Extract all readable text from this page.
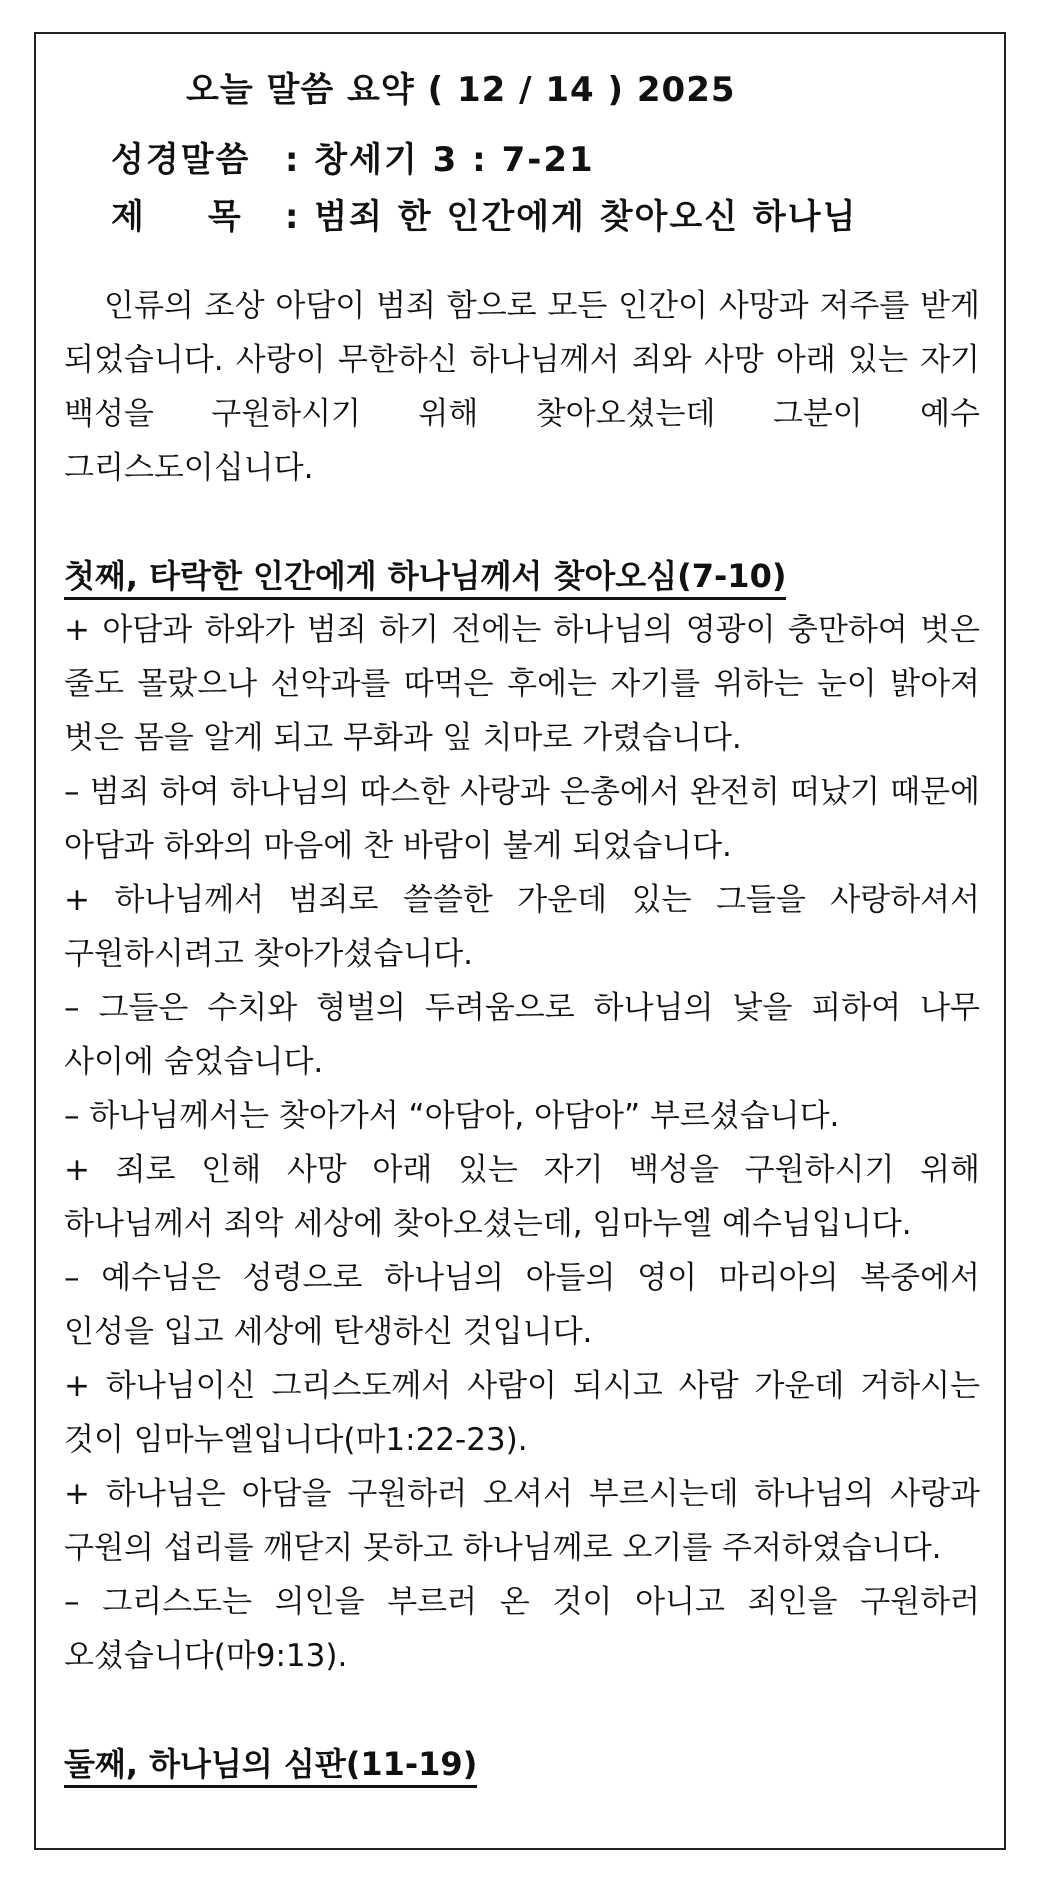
오늘 말씀 요약 ( 12 / 14 ) 2025
성경말씀 : 창세기 3 : 7-21
제목 : 범죄 한 인간에게 찾아오신 하나님

인류의 조상 아담이 범죄 함으로 모든 인간이 사망과 저주를 받게 되었습니다. 사랑이 무한하신 하나님께서 죄와 사망 아래 있는 자기 백성을 구원하시기 위해 찾아오셨는데 그분이 예수 그리스도이십니다.

첫째, 타락한 인간에게 하나님께서 찾아오심(7-10)

+ 아담과 하와가 범죄 하기 전에는 하나님의 영광이 충만하여 벗은 줄도 몰랐으나 선악과를 따먹은 후에는 자기를 위하는 눈이 밝아져 벗은 몸을 알게 되고 무화과 잎 치마로 가렸습니다.

– 범죄 하여 하나님의 따스한 사랑과 은총에서 완전히 떠났기 때문에 아담과 하와의 마음에 찬 바람이 불게 되었습니다.

+ 하나님께서 범죄로 쓸쓸한 가운데 있는 그들을 사랑하셔서 구원하시려고 찾아가셨습니다.

– 그들은 수치와 형벌의 두려움으로 하나님의 낯을 피하여 나무 사이에 숨었습니다.

– 하나님께서는 찾아가서 “아담아, 아담아” 부르셨습니다.

+ 죄로 인해 사망 아래 있는 자기 백성을 구원하시기 위해 하나님께서 죄악 세상에 찾아오셨는데, 임마누엘 예수님입니다.

– 예수님은 성령으로 하나님의 아들의 영이 마리아의 복중에서 인성을 입고 세상에 탄생하신 것입니다.

+ 하나님이신 그리스도께서 사람이 되시고 사람 가운데 거하시는 것이 임마누엘입니다(마1:22-23).

+ 하나님은 아담을 구원하러 오셔서 부르시는데 하나님의 사랑과 구원의 섭리를 깨닫지 못하고 하나님께로 오기를 주저하였습니다.

– 그리스도는 의인을 부르러 온 것이 아니고 죄인을 구원하러 오셨습니다(마9:13).

둘째, 하나님의 심판(11-19)
